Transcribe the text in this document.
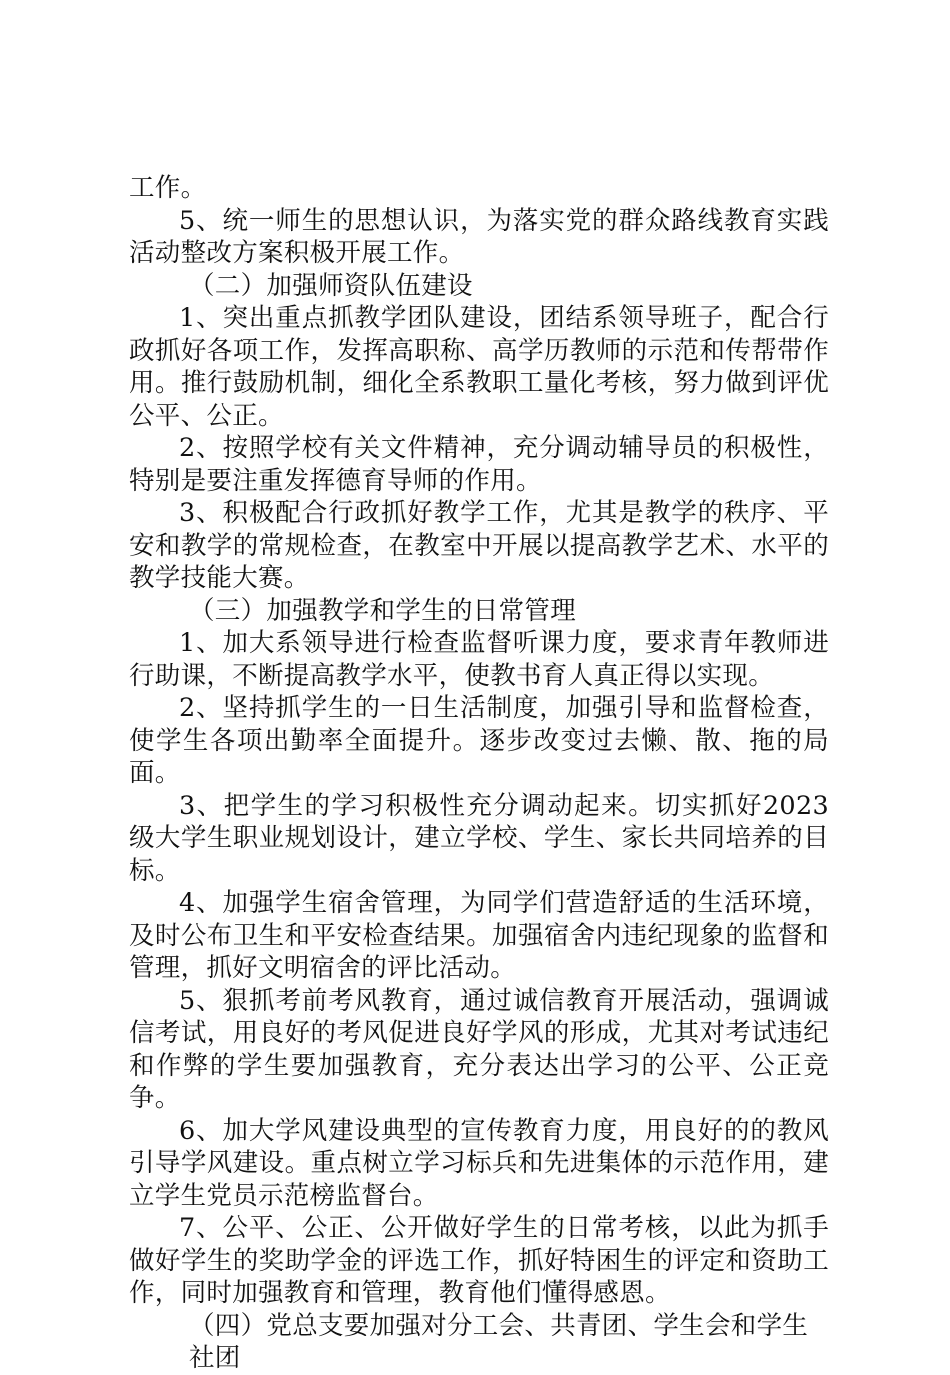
工作。

5、统一师生的思想认识，为落实党的群众路线教育实践活动整改方案积极开展工作。

（二）加强师资队伍建设

1、突出重点抓教学团队建设，团结系领导班子，配合行政抓好各项工作，发挥高职称、高学历教师的示范和传帮带作用。推行鼓励机制，细化全系教职工量化考核，努力做到评优公平、公正。

2、按照学校有关文件精神，充分调动辅导员的积极性，特别是要注重发挥德育导师的作用。

3、积极配合行政抓好教学工作，尤其是教学的秩序、平安和教学的常规检查，在教室中开展以提高教学艺术、水平的教学技能大赛。

（三）加强教学和学生的日常管理

1、加大系领导进行检查监督听课力度，要求青年教师进行助课，不断提高教学水平，使教书育人真正得以实现。

2、坚持抓学生的一日生活制度，加强引导和监督检查，使学生各项出勤率全面提升。逐步改变过去懒、散、拖的局面。

3、把学生的学习积极性充分调动起来。切实抓好2023级大学生职业规划设计，建立学校、学生、家长共同培养的目标。

4、加强学生宿舍管理，为同学们营造舒适的生活环境，及时公布卫生和平安检查结果。加强宿舍内违纪现象的监督和管理，抓好文明宿舍的评比活动。

5、狠抓考前考风教育，通过诚信教育开展活动，强调诚信考试，用良好的考风促进良好学风的形成，尤其对考试违纪和作弊的学生要加强教育，充分表达出学习的公平、公正竞争。

6、加大学风建设典型的宣传教育力度，用良好的的教风引导学风建设。重点树立学习标兵和先进集体的示范作用，建立学生党员示范榜监督台。

7、公平、公正、公开做好学生的日常考核，以此为抓手做好学生的奖助学金的评选工作，抓好特困生的评定和资助工作，同时加强教育和管理，教育他们懂得感恩。

（四）党总支要加强对分工会、共青团、学生会和学生社团
